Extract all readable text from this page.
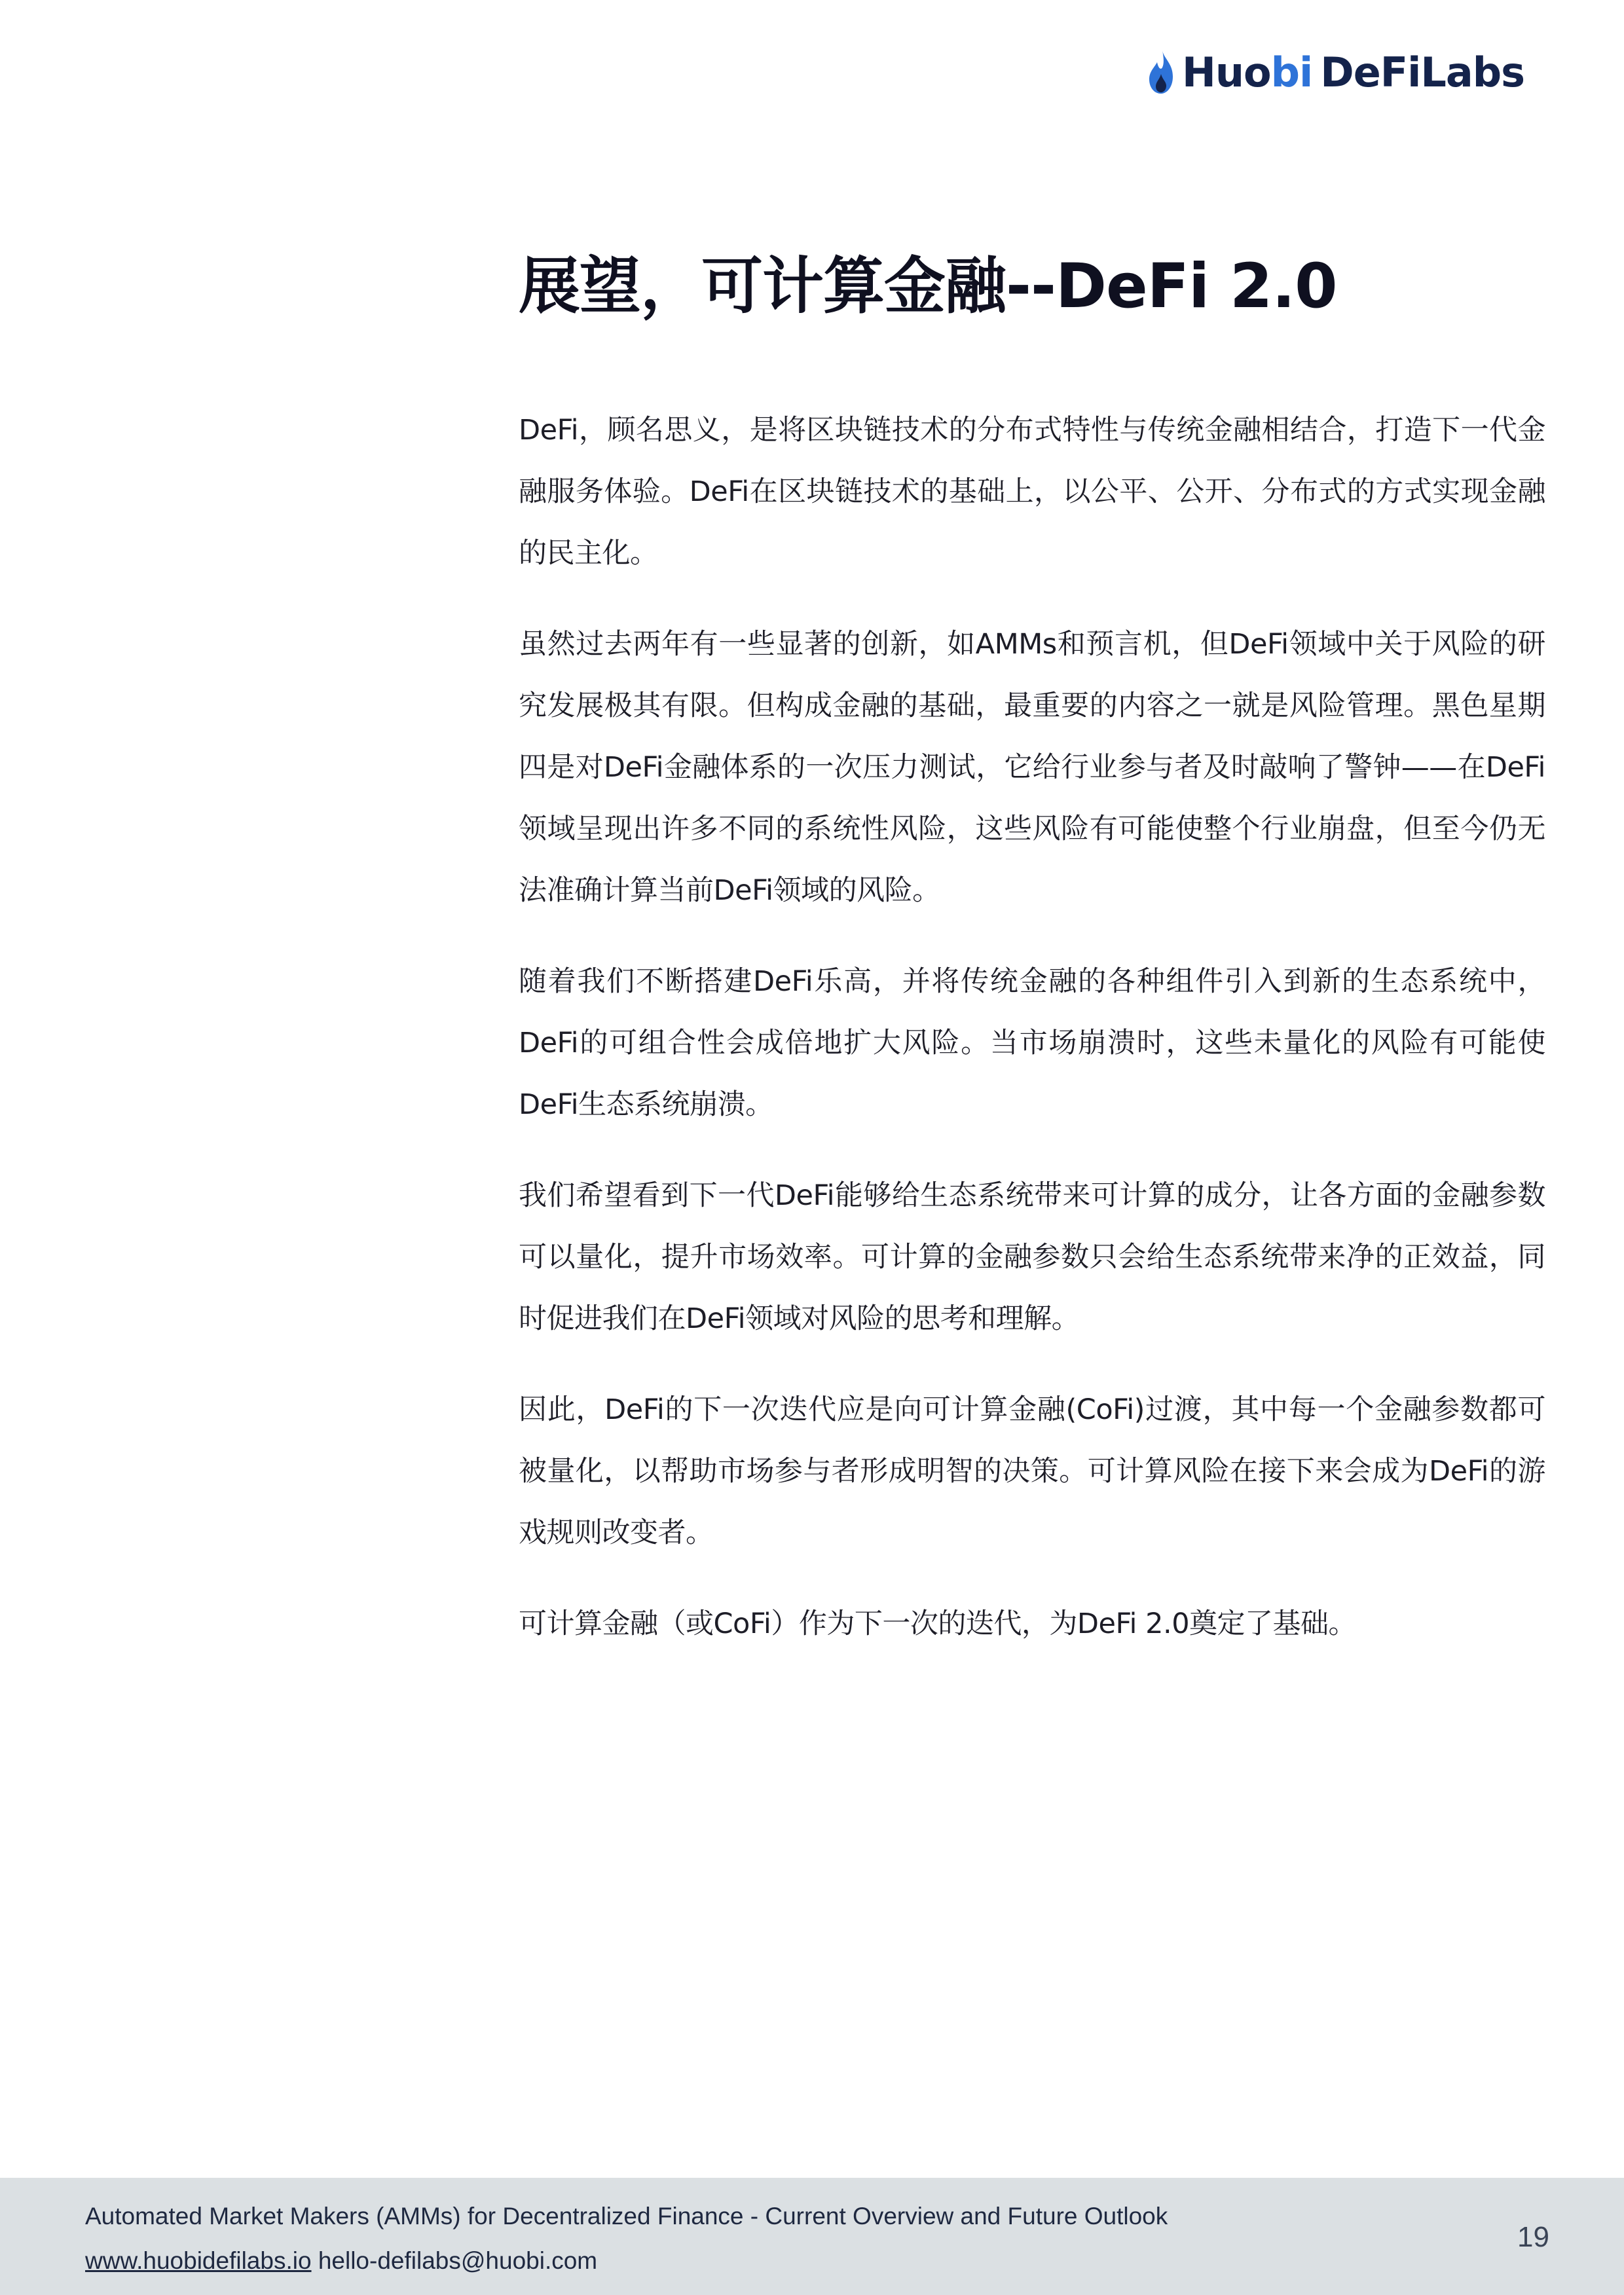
Huo bi DeFiLabs
展望，可计算金融--DeFi 2.0

DeFi，顾名思义，是将区块链技术的分布式特性与传统金融相结合，打造下一代金融服务体验。DeFi在区块链技术的基础上，以公平、公开、分布式的方式实现金融的民主化。

虽然过去两年有一些显著的创新，如AMMs和预言机，但DeFi领域中关于风险的研究发展极其有限。但构成金融的基础，最重要的内容之一就是风险管理。黑色星期四是对DeFi金融体系的一次压力测试，它给行业参与者及时敲响了警钟——在DeFi领域呈现出许多不同的系统性风险，这些风险有可能使整个行业崩盘，但至今仍无法准确计算当前DeFi领域的风险。

随着我们不断搭建DeFi乐高，并将传统金融的各种组件引入到新的生态系统中，DeFi的可组合性会成倍地扩大风险。当市场崩溃时，这些未量化的风险有可能使DeFi生态系统崩溃。

我们希望看到下一代DeFi能够给生态系统带来可计算的成分，让各方面的金融参数可以量化，提升市场效率。可计算的金融参数只会给生态系统带来净的正效益，同时促进我们在DeFi领域对风险的思考和理解。

因此，DeFi的下一次迭代应是向可计算金融(CoFi)过渡，其中每一个金融参数都可被量化，以帮助市场参与者形成明智的决策。可计算风险在接下来会成为DeFi的游戏规则改变者。

可计算金融（或CoFi）作为下一次的迭代，为DeFi 2.0奠定了基础。

Automated Market Makers (AMMs) for Decentralized Finance - Current Overview and Future Outlook
www.huobidefilabs.io hello-defilabs@huobi.com
19
